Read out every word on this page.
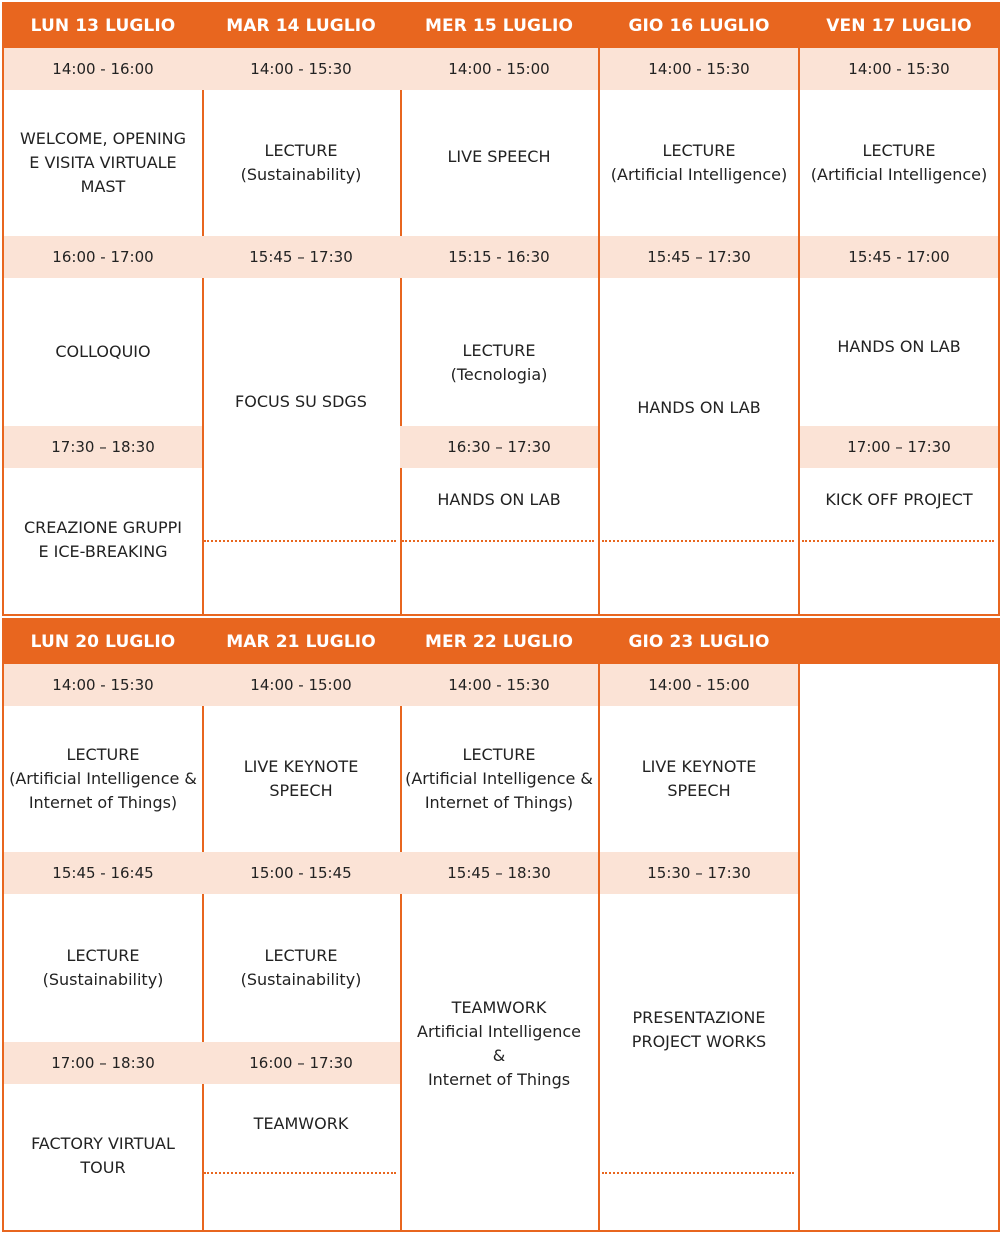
LUN 13 LUGLIO
14:00 - 16:00
WELCOME, OPENING
E VISITA VIRTUALE
MAST
16:00 - 17:00
COLLOQUIO
17:30 – 18:30
CREAZIONE GRUPPI
E ICE-BREAKING
MAR 14 LUGLIO
14:00 - 15:30
LECTURE
(Sustainability)
15:45 – 17:30
FOCUS SU SDGS
MER 15 LUGLIO
14:00 - 15:00
LIVE SPEECH
15:15 - 16:30
LECTURE
(Tecnologia)
16:30 – 17:30
HANDS ON LAB
GIO 16 LUGLIO
14:00 - 15:30
LECTURE
(Artificial Intelligence)
15:45 – 17:30
HANDS ON LAB
VEN 17 LUGLIO
14:00 - 15:30
LECTURE
(Artificial Intelligence)
15:45 - 17:00
HANDS ON LAB
17:00 – 17:30
KICK OFF PROJECT
LUN 20 LUGLIO
14:00 - 15:30
LECTURE
(Artificial Intelligence &
Internet of Things)
15:45 - 16:45
LECTURE
(Sustainability)
17:00 – 18:30
FACTORY VIRTUAL
TOUR
MAR 21 LUGLIO
14:00 - 15:00
LIVE KEYNOTE
SPEECH
15:00 - 15:45
LECTURE
(Sustainability)
16:00 – 17:30
TEAMWORK
MER 22 LUGLIO
14:00 - 15:30
LECTURE
(Artificial Intelligence &
Internet of Things)
15:45 – 18:30
TEAMWORK
Artificial Intelligence
&
Internet of Things
GIO 23 LUGLIO
14:00 - 15:00
LIVE KEYNOTE
SPEECH
15:30 – 17:30
PRESENTAZIONE
PROJECT WORKS
